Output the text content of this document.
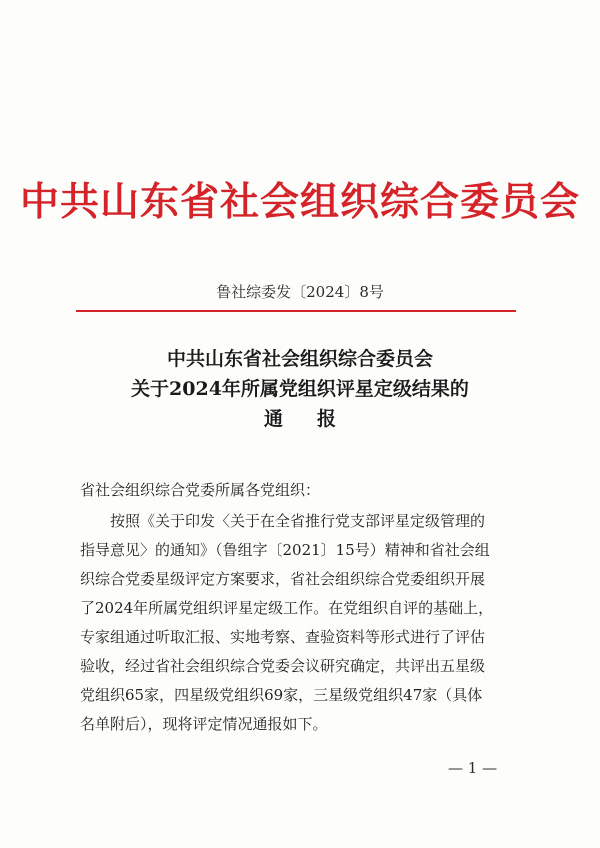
中共山东省社会组织综合委员会
鲁社综委发〔2024〕8号
中共山东省社会组织综合委员会
关于2024年所属党组织评星定级结果的
通 报
省社会组织综合党委所属各党组织：
按照《关于印发〈关于在全省推行党支部评星定级管理的
指导意见〉的通知》（鲁组字〔2021〕15号）精神和省社会组
织综合党委星级评定方案要求，省社会组织综合党委组织开展
了2024年所属党组织评星定级工作。在党组织自评的基础上，
专家组通过听取汇报、实地考察、查验资料等形式进行了评估
验收，经过省社会组织综合党委会议研究确定，共评出五星级
党组织65家，四星级党组织69家，三星级党组织47家（具体
名单附后），现将评定情况通报如下。
— 1 —
